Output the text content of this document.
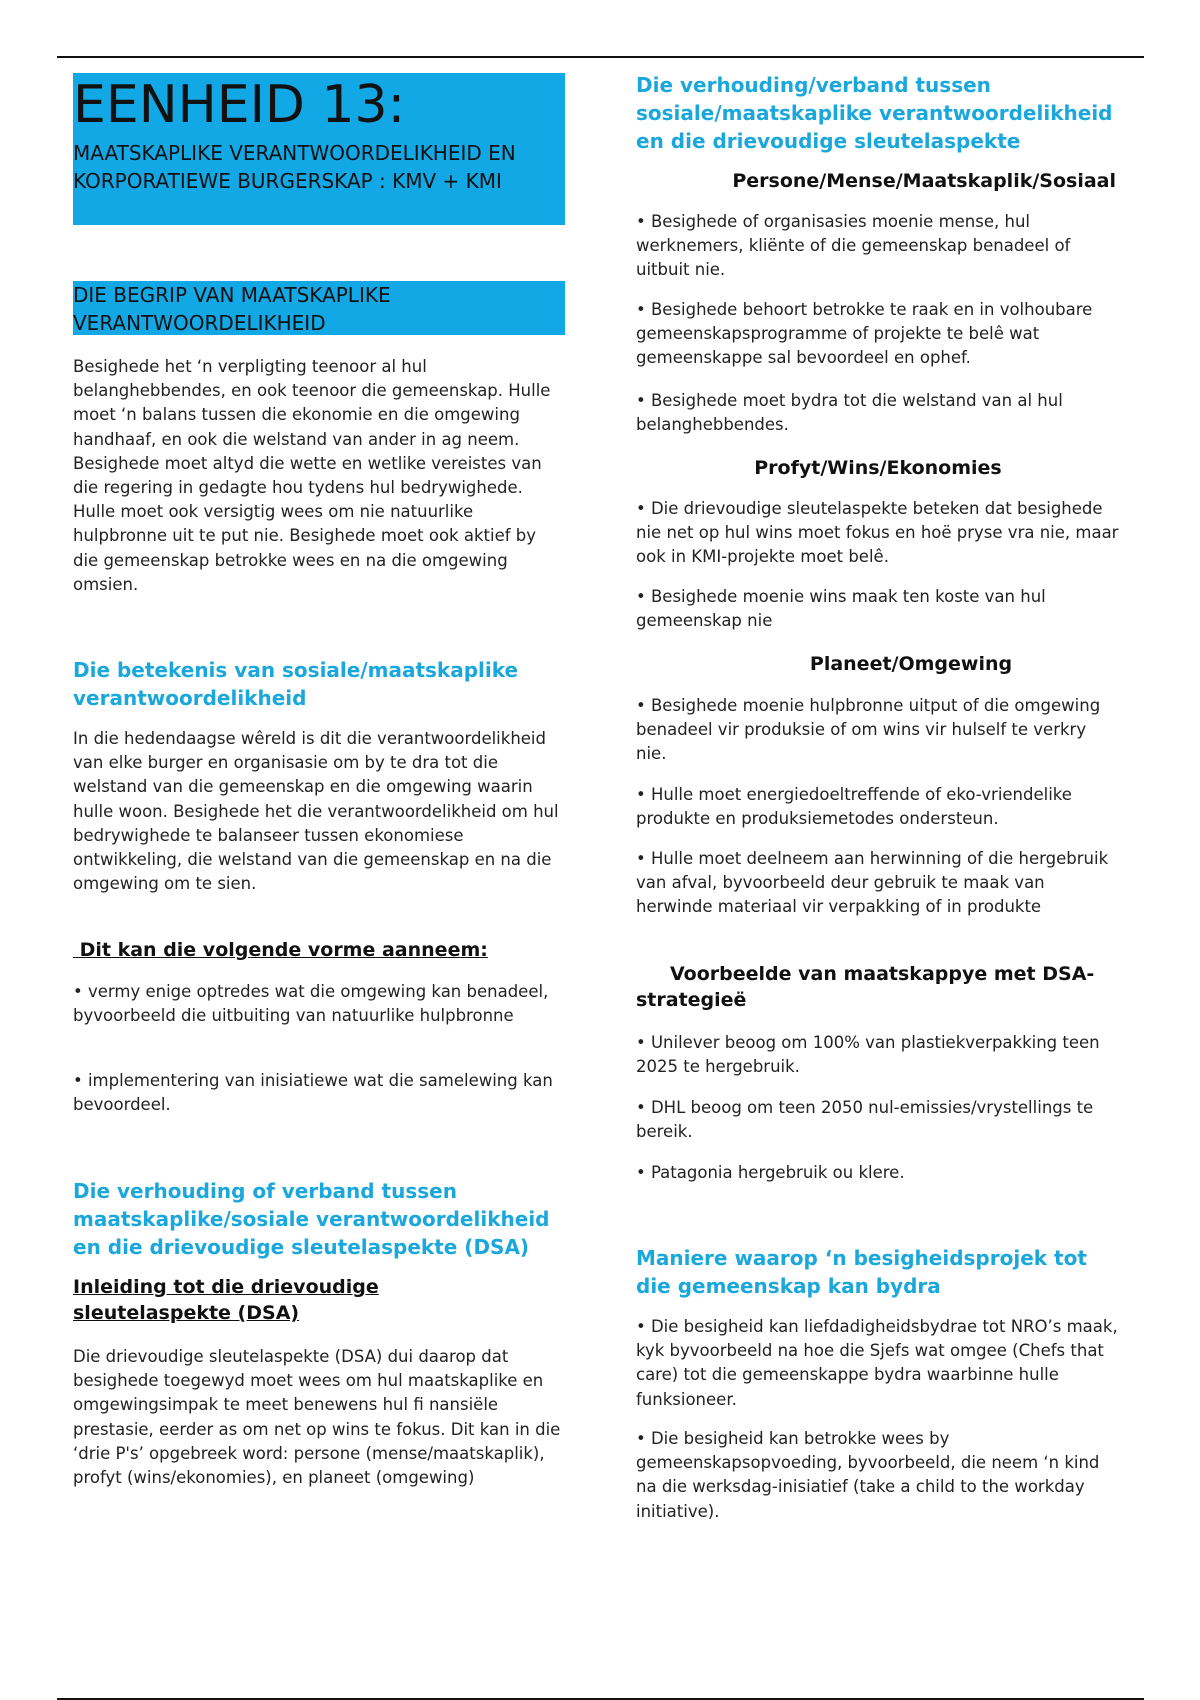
EENHEID 13:
MAATSKAPLIKE VERANTWOORDELIKHEID EN KORPORATIEWE BURGERSKAP : KMV + KMI
DIE BEGRIP VAN MAATSKAPLIKE VERANTWOORDELIKHEID

Besighede het ‘n verpligting teenoor al hul belanghebbendes, en ook teenoor die gemeenskap. Hulle moet ‘n balans tussen die ekonomie en die omgewing handhaaf, en ook die welstand van ander in ag neem. Besighede moet altyd die wette en wetlike vereistes van die regering in gedagte hou tydens hul bedrywighede. Hulle moet ook versigtig wees om nie natuurlike hulpbronne uit te put nie. Besighede moet ook aktief by die gemeenskap betrokke wees en na die omgewing omsien.

Die betekenis van sosiale/maatskaplike verantwoordelikheid

In die hedendaagse wêreld is dit die verantwoordelikheid van elke burger en organisasie om by te dra tot die welstand van die gemeenskap en die omgewing waarin hulle woon. Besighede het die verantwoordelikheid om hul bedrywighede te balanseer tussen ekonomiese ontwikkeling, die welstand van die gemeenskap en na die omgewing om te sien.

Dit kan die volgende vorme aanneem:

• vermy enige optredes wat die omgewing kan benadeel, byvoorbeeld die uitbuiting van natuurlike hulpbronne

• implementering van inisiatiewe wat die samelewing kan bevoordeel.

Die verhouding of verband tussen maatskaplike/sosiale verantwoordelikheid en die drievoudige sleutelaspekte (DSA)

Inleiding tot die drievoudige sleutelaspekte (DSA)

Die drievoudige sleutelaspekte (DSA) dui daarop dat besighede toegewyd moet wees om hul maatskaplike en omgewingsimpak te meet benewens hul fi nansiële prestasie, eerder as om net op wins te fokus. Dit kan in die ‘drie P's’ opgebreek word: persone (mense/maatskaplik), profyt (wins/ekonomies), en planeet (omgewing)

Die verhouding/verband tussen sosiale/maatskaplike verantwoordelikheid en die drievoudige sleutelaspekte

Persone/Mense/Maatskaplik/Sosiaal

• Besighede of organisasies moenie mense, hul werknemers, kliënte of die gemeenskap benadeel of uitbuit nie.

• Besighede behoort betrokke te raak en in volhoubare gemeenskapsprogramme of projekte te belê wat gemeenskappe sal bevoordeel en ophef.

• Besighede moet bydra tot die welstand van al hul belanghebbendes.

Profyt/Wins/Ekonomies

• Die drievoudige sleutelaspekte beteken dat besighede nie net op hul wins moet fokus en hoë pryse vra nie, maar ook in KMI-projekte moet belê.

• Besighede moenie wins maak ten koste van hul gemeenskap nie

Planeet/Omgewing

• Besighede moenie hulpbronne uitput of die omgewing benadeel vir produksie of om wins vir hulself te verkry nie.

• Hulle moet energiedoeltreffende of eko-vriendelike produkte en produksiemetodes ondersteun.

• Hulle moet deelneem aan herwinning of die hergebruik van afval, byvoorbeeld deur gebruik te maak van herwinde materiaal vir verpakking of in produkte

Voorbeelde van maatskappye met DSA-strategieë

• Unilever beoog om 100% van plastiekverpakking teen 2025 te hergebruik.

• DHL beoog om teen 2050 nul-emissies/vrystellings te bereik.

• Patagonia hergebruik ou klere.

Maniere waarop ‘n besigheidsprojek tot die gemeenskap kan bydra

• Die besigheid kan liefdadigheidsbydrae tot NRO’s maak, kyk byvoorbeeld na hoe die Sjefs wat omgee (Chefs that care) tot die gemeenskappe bydra waarbinne hulle funksioneer.

• Die besigheid kan betrokke wees by gemeenskapsopvoeding, byvoorbeeld, die neem ‘n kind na die werksdag-inisiatief (take a child to the workday initiative).
